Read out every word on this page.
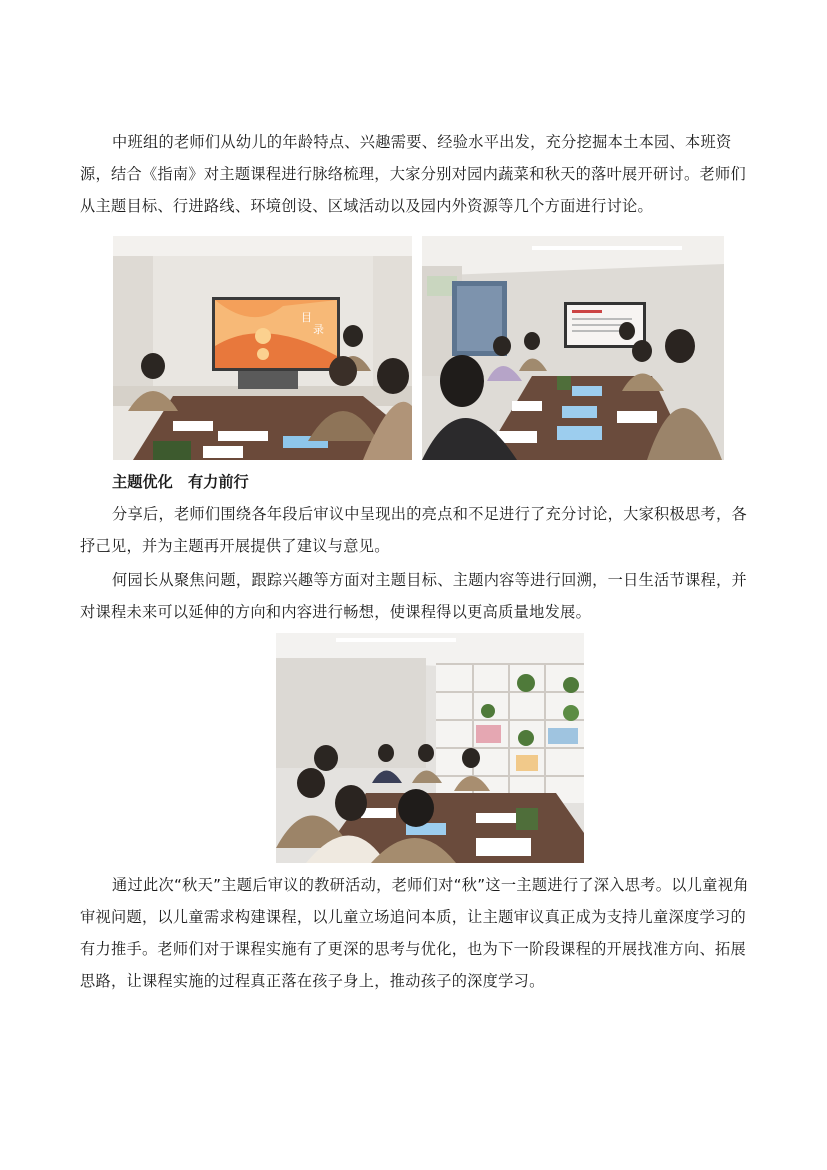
中班组的老师们从幼儿的年龄特点、兴趣需要、经验水平出发，充分挖掘本土本园、本班资源，结合《指南》对主题课程进行脉络梳理，大家分别对园内蔬菜和秋天的落叶展开研讨。老师们从主题目标、行进路线、环境创设、区域活动以及园内外资源等几个方面进行讨论。

目
录

主题优化　有力前行

分享后，老师们围绕各年段后审议中呈现出的亮点和不足进行了充分讨论，大家积极思考，各抒己见，并为主题再开展提供了建议与意见。

何园长从聚焦问题，跟踪兴趣等方面对主题目标、主题内容等进行回溯，一日生活节课程，并对课程未来可以延伸的方向和内容进行畅想，使课程得以更高质量地发展。

通过此次“秋天”主题后审议的教研活动，老师们对“秋”这一主题进行了深入思考。以儿童视角审视问题，以儿童需求构建课程，以儿童立场追问本质，让主题审议真正成为支持儿童深度学习的有力推手。老师们对于课程实施有了更深的思考与优化，也为下一阶段课程的开展找准方向、拓展思路，让课程实施的过程真正落在孩子身上，推动孩子的深度学习。
